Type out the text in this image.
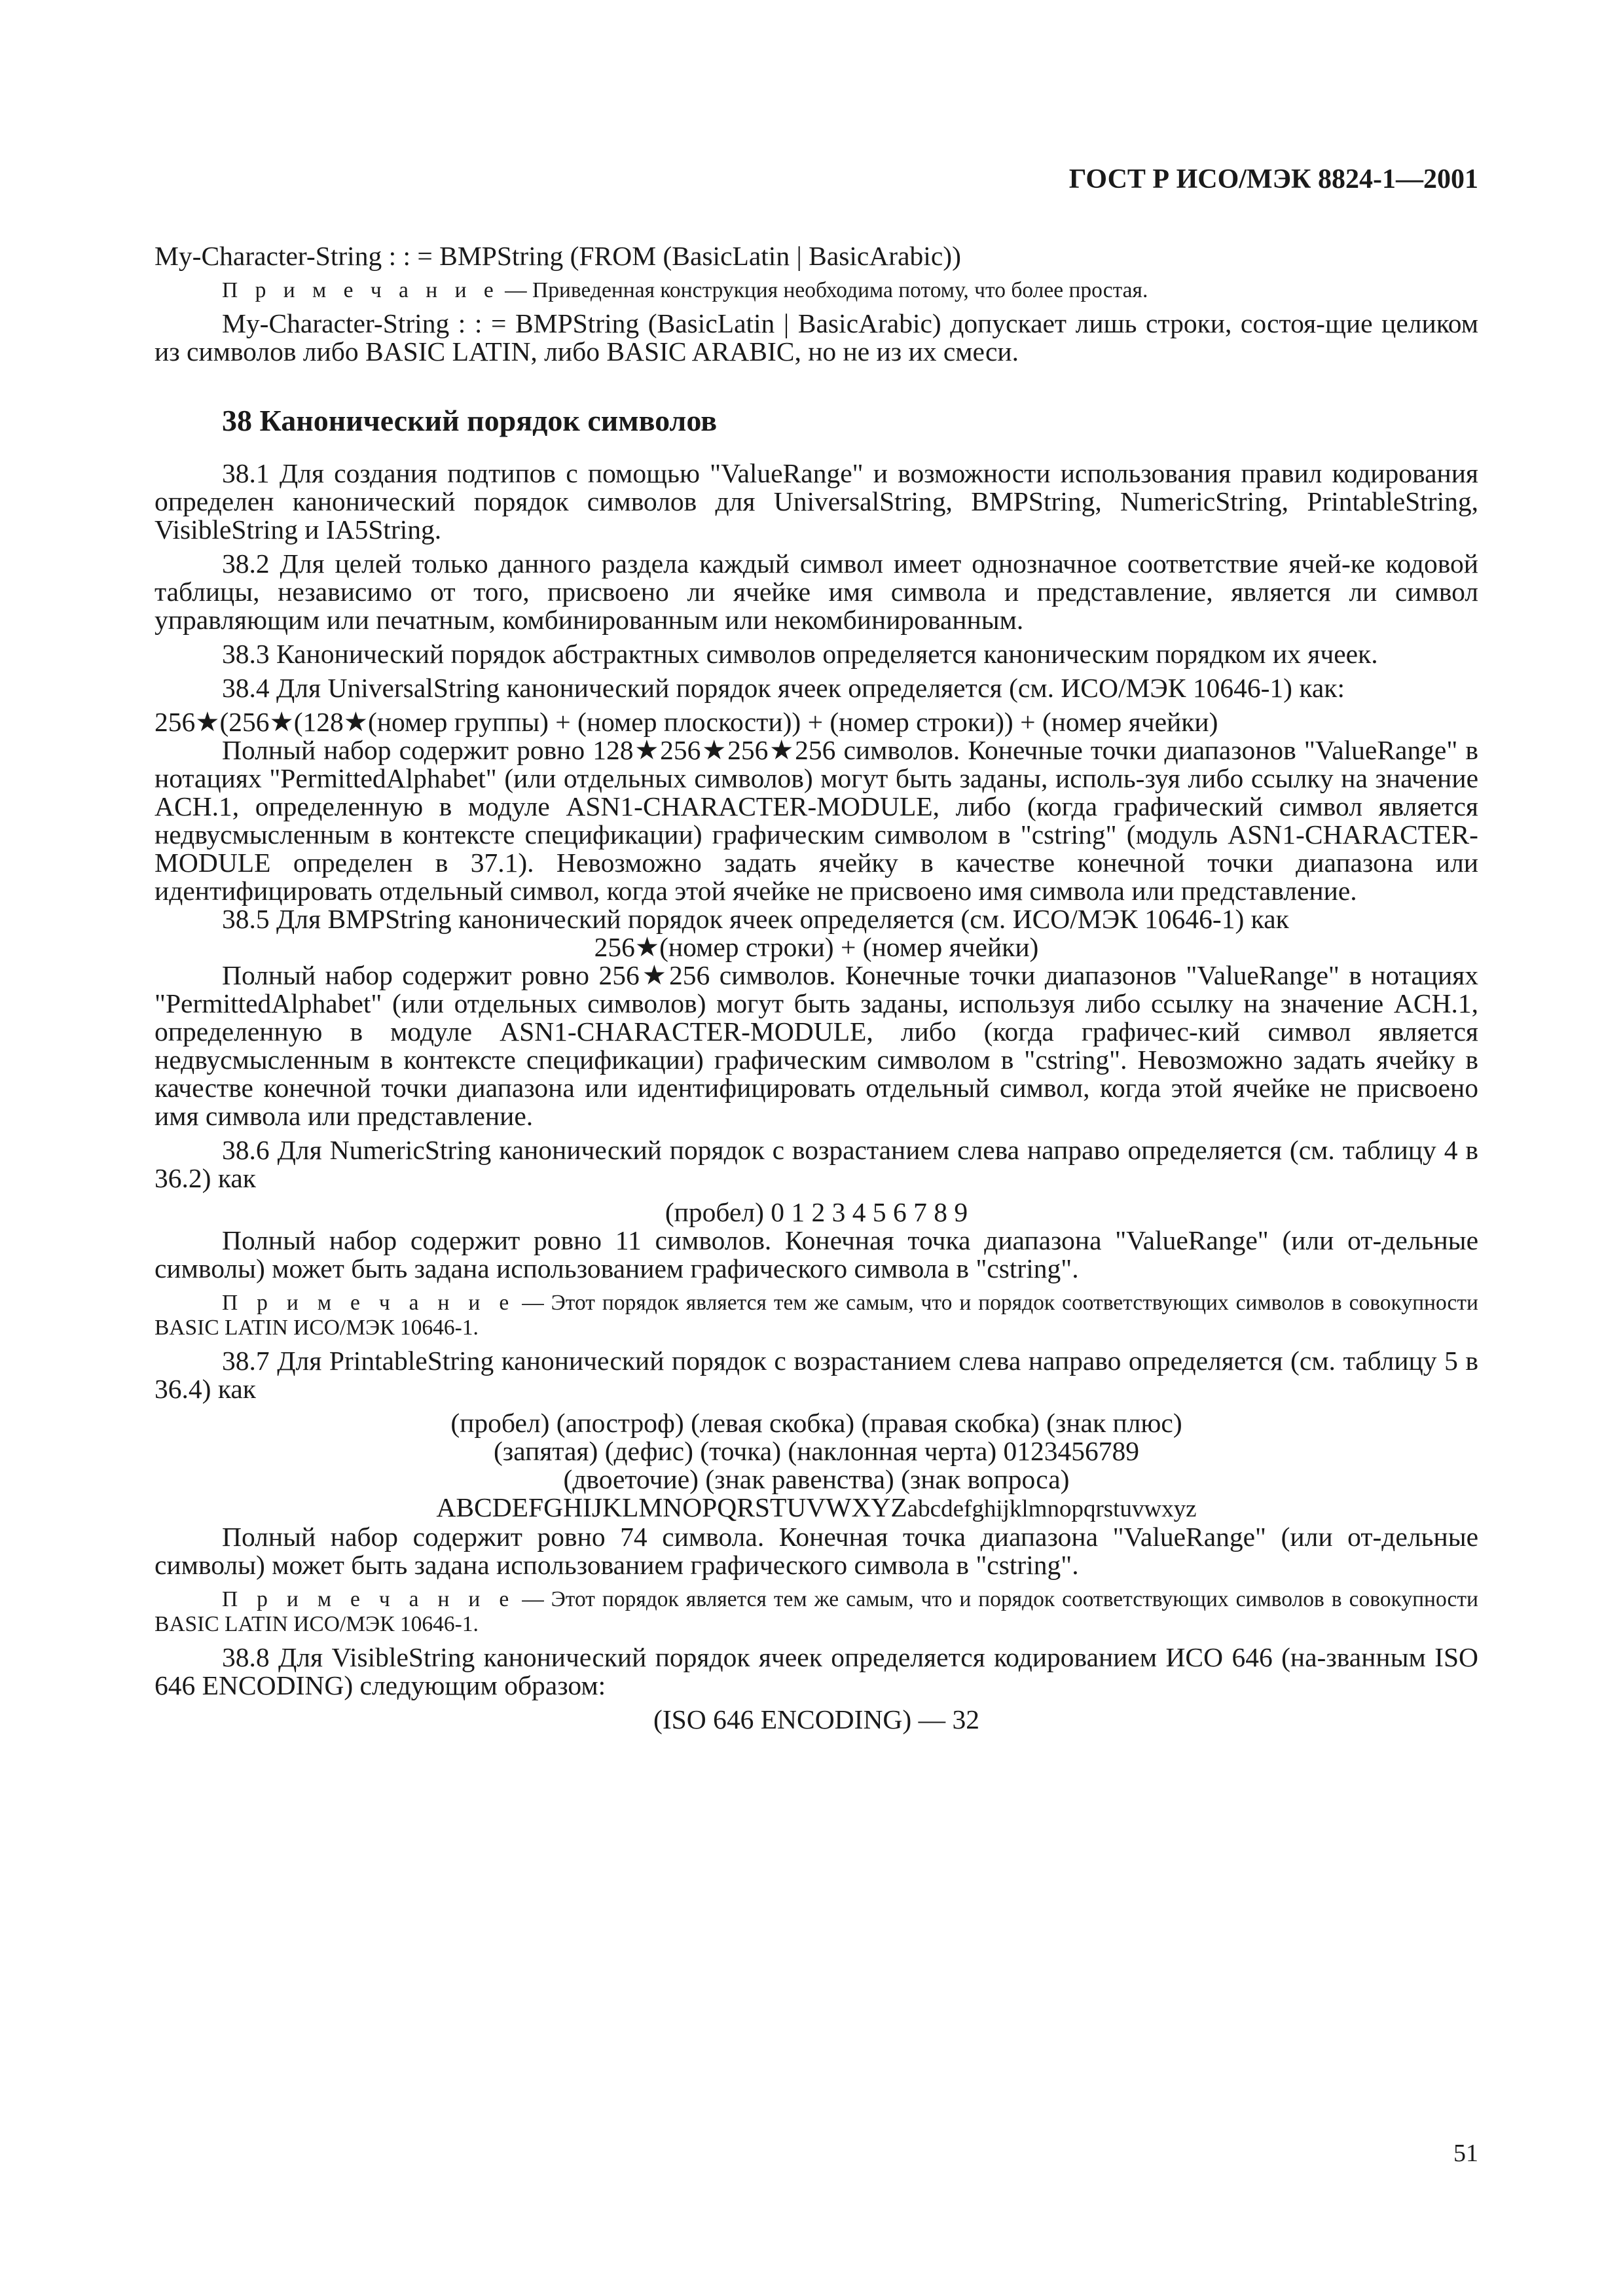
ГОСТ Р ИСО/МЭК 8824-1—2001

My-Character-String : : = BMPString (FROM (BasicLatin | BasicArabic))

П р и м е ч а н и е — Приведенная конструкция необходима потому, что более простая.

My-Character-String : : = BMPString (BasicLatin | BasicArabic) допускает лишь строки, состоя-щие целиком из символов либо BASIC LATIN, либо BASIC ARABIC, но не из их смеси.

38 Канонический порядок символов

38.1 Для создания подтипов с помощью "ValueRange" и возможности использования правил кодирования определен канонический порядок символов для UniversalString, BMPString, NumericString, PrintableString, VisibleString и IA5String.

38.2 Для целей только данного раздела каждый символ имеет однозначное соответствие ячей-ке кодовой таблицы, независимо от того, присвоено ли ячейке имя символа и представление, является ли символ управляющим или печатным, комбинированным или некомбинированным.

38.3 Канонический порядок абстрактных символов определяется каноническим порядком их ячеек.

38.4 Для UniversalString канонический порядок ячеек определяется (см. ИСО/МЭК 10646-1) как:

256★(256★(128★(номер группы) + (номер плоскости)) + (номер строки)) + (номер ячейки)

Полный набор содержит ровно 128★256★256★256 символов. Конечные точки диапазонов "ValueRange" в нотациях "PermittedAlphabet" (или отдельных символов) могут быть заданы, исполь-зуя либо ссылку на значение ACH.1, определенную в модуле ASN1-CHARACTER-MODULE, либо (когда графический символ является недвусмысленным в контексте спецификации) графическим символом в "cstring" (модуль ASN1-CHARACTER-MODULE определен в 37.1). Невозможно задать ячейку в качестве конечной точки диапазона или идентифицировать отдельный символ, когда этой ячейке не присвоено имя символа или представление.

38.5 Для BMPString канонический порядок ячеек определяется (см. ИСО/МЭК 10646-1) как

256★(номер строки) + (номер ячейки)

Полный набор содержит ровно 256★256 символов. Конечные точки диапазонов "ValueRange" в нотациях "PermittedAlphabet" (или отдельных символов) могут быть заданы, используя либо ссылку на значение ACH.1, определенную в модуле ASN1-CHARACTER-MODULE, либо (когда графичес-кий символ является недвусмысленным в контексте спецификации) графическим символом в "cstring". Невозможно задать ячейку в качестве конечной точки диапазона или идентифицировать отдельный символ, когда этой ячейке не присвоено имя символа или представление.

38.6 Для NumericString канонический порядок с возрастанием слева направо определяется (см. таблицу 4 в 36.2) как

(пробел) 0 1 2 3 4 5 6 7 8 9

Полный набор содержит ровно 11 символов. Конечная точка диапазона "ValueRange" (или от-дельные символы) может быть задана использованием графического символа в "cstring".

П р и м е ч а н и е — Этот порядок является тем же самым, что и порядок соответствующих символов в совокупности BASIC LATIN ИСО/МЭК 10646-1.

38.7 Для PrintableString канонический порядок с возрастанием слева направо определяется (см. таблицу 5 в 36.4) как

(пробел) (апостроф) (левая скобка) (правая скобка) (знак плюс)

(запятая) (дефис) (точка) (наклонная черта) 0123456789

(двоеточие) (знак равенства) (знак вопроса)

ABCDEFGHIJKLMNOPQRSTUVWXYZabcdefghijklmnopqrstuvwxyz

Полный набор содержит ровно 74 символа. Конечная точка диапазона "ValueRange" (или от-дельные символы) может быть задана использованием графического символа в "cstring".

П р и м е ч а н и е — Этот порядок является тем же самым, что и порядок соответствующих символов в совокупности BASIC LATIN ИСО/МЭК 10646-1.

38.8 Для VisibleString канонический порядок ячеек определяется кодированием ИСО 646 (на-званным ISO 646 ENCODING) следующим образом:

(ISO 646 ENCODING) — 32

51
